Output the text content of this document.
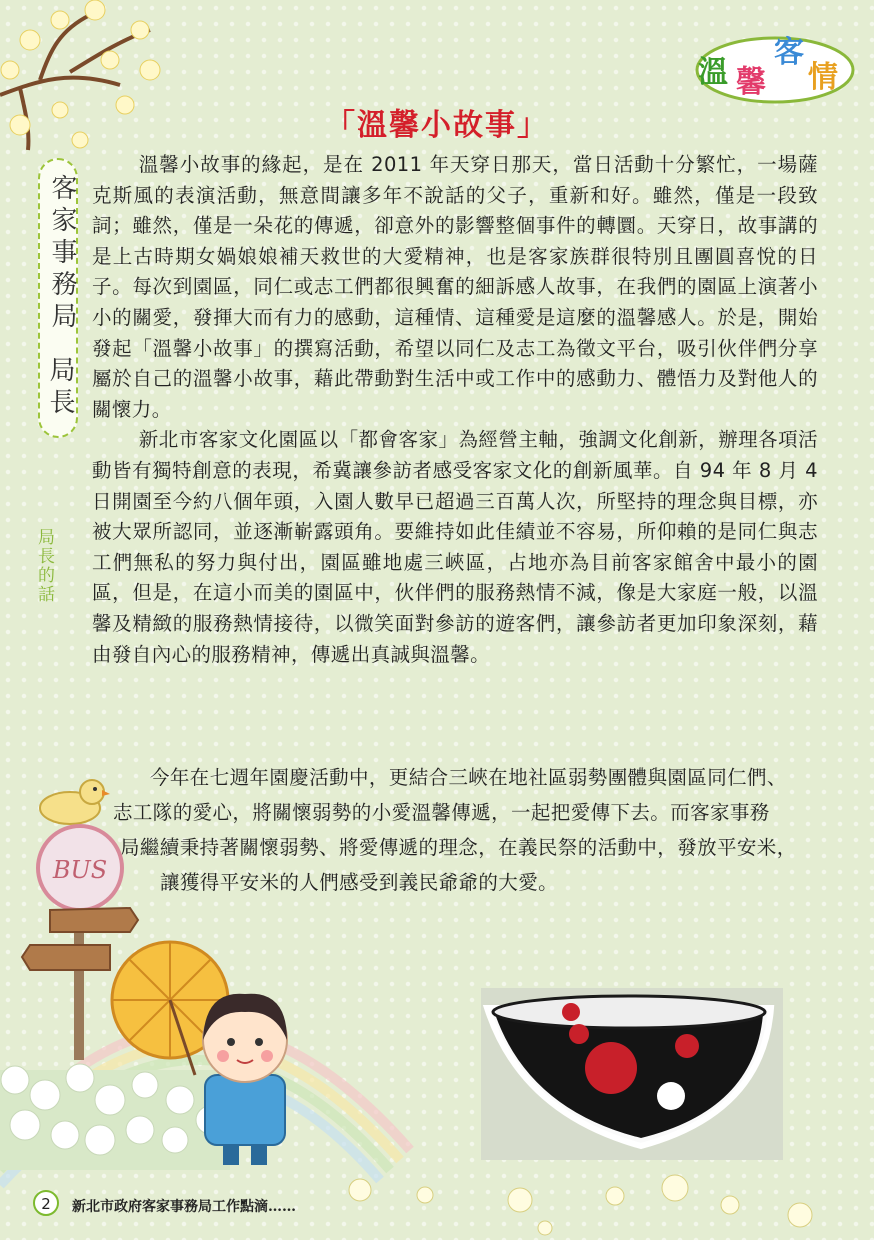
溫 馨
客
情
「溫馨小故事」
客家事務局
局長
局長的話

溫馨小故事的緣起，是在 2011 年天穿日那天，當日活動十分繁忙，一場薩克斯風的表演活動，無意間讓多年不說話的父子，重新和好。雖然，僅是一段致詞；雖然，僅是一朵花的傳遞，卻意外的影響整個事件的轉圜。天穿日，故事講的是上古時期女媧娘娘補天救世的大愛精神，也是客家族群很特別且團圓喜悅的日子。每次到園區，同仁或志工們都很興奮的細訴感人故事，在我們的園區上演著小小的關愛，發揮大而有力的感動，這種情、這種愛是這麼的溫馨感人。於是，開始發起「溫馨小故事」的撰寫活動，希望以同仁及志工為徵文平台，吸引伙伴們分享屬於自己的溫馨小故事，藉此帶動對生活中或工作中的感動力、體悟力及對他人的關懷力。

新北市客家文化園區以「都會客家」為經營主軸，強調文化創新，辦理各項活動皆有獨特創意的表現，希冀讓參訪者感受客家文化的創新風華。自 94 年 8 月 4 日開園至今約八個年頭，入園人數早已超過三百萬人次，所堅持的理念與目標，亦被大眾所認同，並逐漸嶄露頭角。要維持如此佳績並不容易，所仰賴的是同仁與志工們無私的努力與付出，園區雖地處三峽區，占地亦為目前客家館舍中最小的園區，但是，在這小而美的園區中，伙伴們的服務熱情不減，像是大家庭一般，以溫馨及精緻的服務熱情接待，以微笑面對參訪的遊客們，讓參訪者更加印象深刻，藉由發自內心的服務精神，傳遞出真誠與溫馨。

今年在七週年園慶活動中，更結合三峽在地社區弱勢團體與園區同仁們、
志工隊的愛心，將關懷弱勢的小愛溫馨傳遞，一起把愛傳下去。而客家事務
局繼續秉持著關懷弱勢、將愛傳遞的理念，在義民祭的活動中，發放平安米，
讓獲得平安米的人們感受到義民爺爺的大愛。
BUS
2	新北市政府客家事務局工作點滴……
